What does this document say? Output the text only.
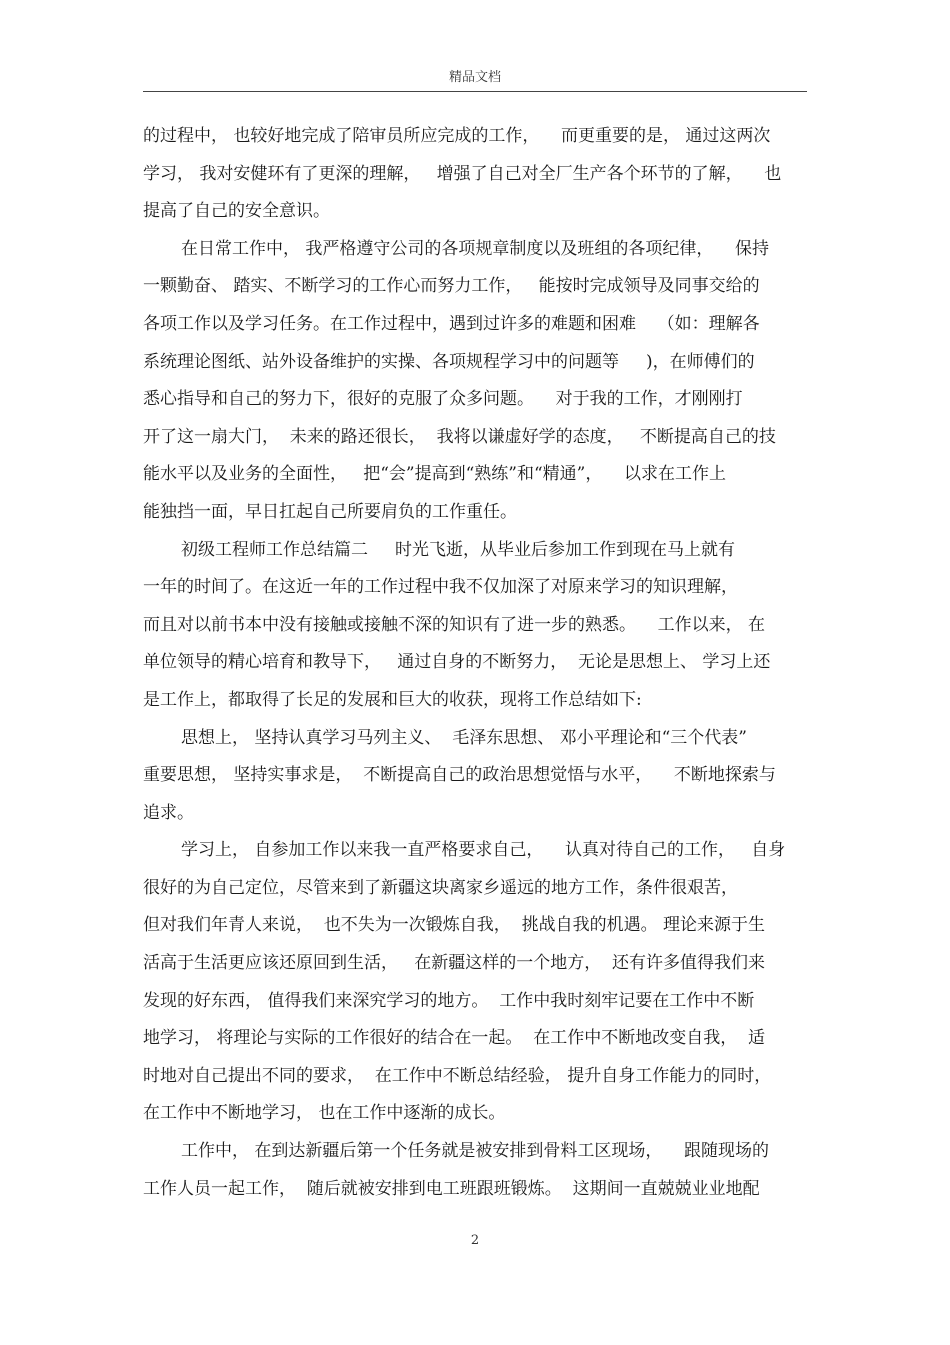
精品文档
的过程中， 也较好地完成了陪审员所应完成的工作，    而更重要的是， 通过这两次
学习， 我对安健环有了更深的理解，   增强了自己对全厂生产各个环节的了解，    也
提高了自己的安全意识。
在日常工作中， 我严格遵守公司的各项规章制度以及班组的各项纪律，    保持
一颗勤奋、 踏实、不断学习的工作心而努力工作，   能按时完成领导及同事交给的
各项工作以及学习任务。在工作过程中，遇到过许多的难题和困难    （如：理解各
系统理论图纸、站外设备维护的实操、各项规程学习中的问题等     )，在师傅们的
悉心指导和自己的努力下，很好的克服了众多问题。    对于我的工作，才刚刚打
开了这一扇大门，  未来的路还很长，  我将以谦虚好学的态度，   不断提高自己的技
能水平以及业务的全面性，   把“会”提高到“熟练”和“精通”，    以求在工作上
能独挡一面，早日扛起自己所要肩负的工作重任。
初级工程师工作总结篇二     时光飞逝，从毕业后参加工作到现在马上就有
一年的时间了。在这近一年的工作过程中我不仅加深了对原来学习的知识理解，
而且对以前书本中没有接触或接触不深的知识有了进一步的熟悉。    工作以来， 在
单位领导的精心培育和教导下，   通过自身的不断努力，  无论是思想上、 学习上还
是工作上，都取得了长足的发展和巨大的收获，现将工作总结如下:
思想上， 坚持认真学习马列主义、  毛泽东思想、 邓小平理论和“三个代表”
重要思想， 坚持实事求是，  不断提高自己的政治思想觉悟与水平，    不断地探索与
追求。
学习上， 自参加工作以来我一直严格要求自己，    认真对待自己的工作，   自身
很好的为自己定位，尽管来到了新疆这块离家乡遥远的地方工作，条件很艰苦，
但对我们年青人来说，  也不失为一次锻炼自我，  挑战自我的机遇。 理论来源于生
活高于生活更应该还原回到生活，   在新疆这样的一个地方，  还有许多值得我们来
发现的好东西， 值得我们来深究学习的地方。  工作中我时刻牢记要在工作中不断
地学习， 将理论与实际的工作很好的结合在一起。  在工作中不断地改变自我，  适
时地对自己提出不同的要求，  在工作中不断总结经验， 提升自身工作能力的同时，
在工作中不断地学习， 也在工作中逐渐的成长。
工作中， 在到达新疆后第一个任务就是被安排到骨料工区现场，    跟随现场的
工作人员一起工作，  随后就被安排到电工班跟班锻炼。  这期间一直兢兢业业地配
2
